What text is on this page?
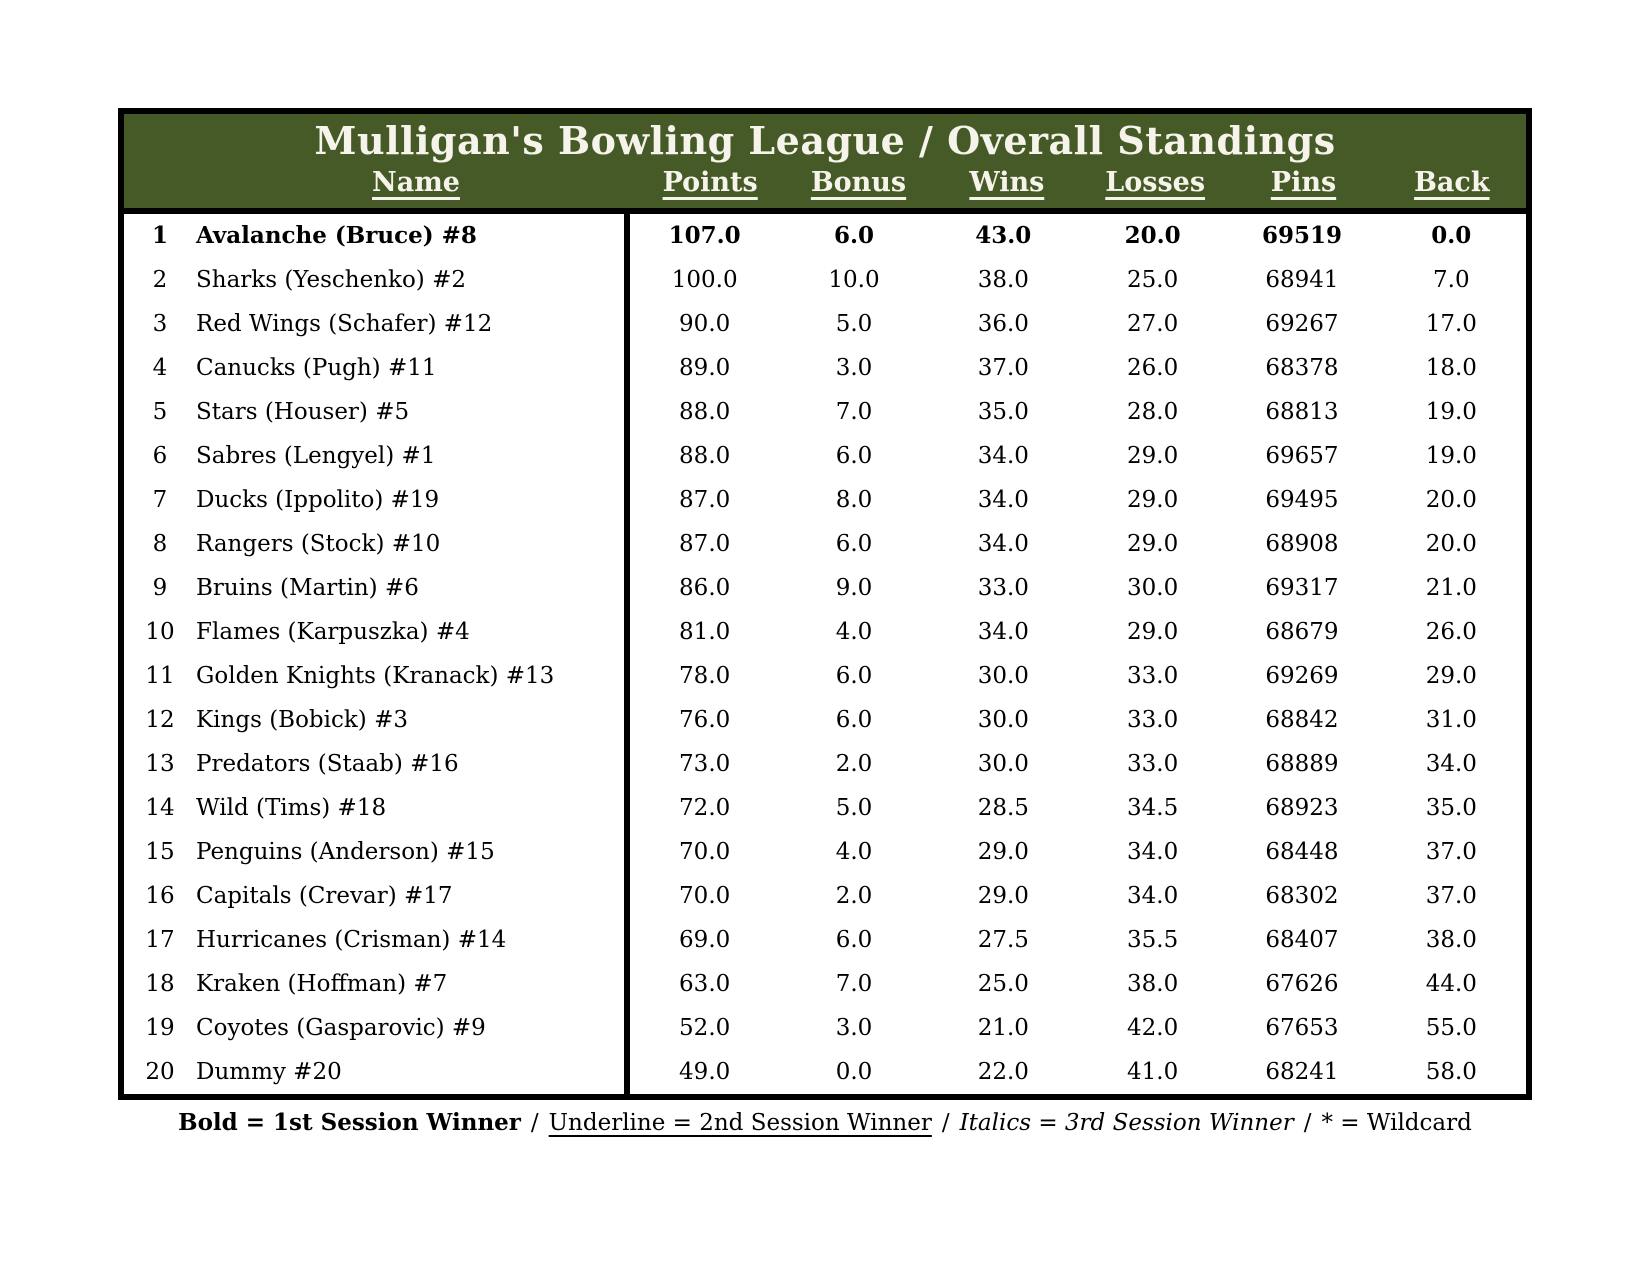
Mulligan's Bowling League / Overall Standings
Name	Points	Bonus	Wins	Losses	Pins	Back
1	Avalanche (Bruce) #8	107.0	6.0	43.0	20.0	69519	0.0
2	Sharks (Yeschenko) #2	100.0	10.0	38.0	25.0	68941	7.0
3	Red Wings (Schafer) #12	90.0	5.0	36.0	27.0	69267	17.0
4	Canucks (Pugh) #11	89.0	3.0	37.0	26.0	68378	18.0
5	Stars (Houser) #5	88.0	7.0	35.0	28.0	68813	19.0
6	Sabres (Lengyel) #1	88.0	6.0	34.0	29.0	69657	19.0
7	Ducks (Ippolito) #19	87.0	8.0	34.0	29.0	69495	20.0
8	Rangers (Stock) #10	87.0	6.0	34.0	29.0	68908	20.0
9	Bruins (Martin) #6	86.0	9.0	33.0	30.0	69317	21.0
10 Flames (Karpuszka) #4	81.0	4.0	34.0	29.0	68679	26.0
11 Golden Knights (Kranack) #13	78.0	6.0	30.0	33.0	69269	29.0
12 Kings (Bobick) #3	76.0	6.0	30.0	33.0	68842	31.0
13 Predators (Staab) #16	73.0	2.0	30.0	33.0	68889	34.0
14 Wild (Tims) #18	72.0	5.0	28.5	34.5	68923	35.0
15 Penguins (Anderson) #15	70.0	4.0	29.0	34.0	68448	37.0
16 Capitals (Crevar) #17	70.0	2.0	29.0	34.0	68302	37.0
17 Hurricanes (Crisman) #14	69.0	6.0	27.5	35.5	68407	38.0
18 Kraken (Hoffman) #7	63.0	7.0	25.0	38.0	67626	44.0
19 Coyotes (Gasparovic) #9	52.0	3.0	21.0	42.0	67653	55.0
20 Dummy #20	49.0	0.0	22.0	41.0	68241	58.0
Bold = 1st Session Winner / Underline = 2nd Session Winner / Italics = 3rd Session Winner / * = Wildcard
